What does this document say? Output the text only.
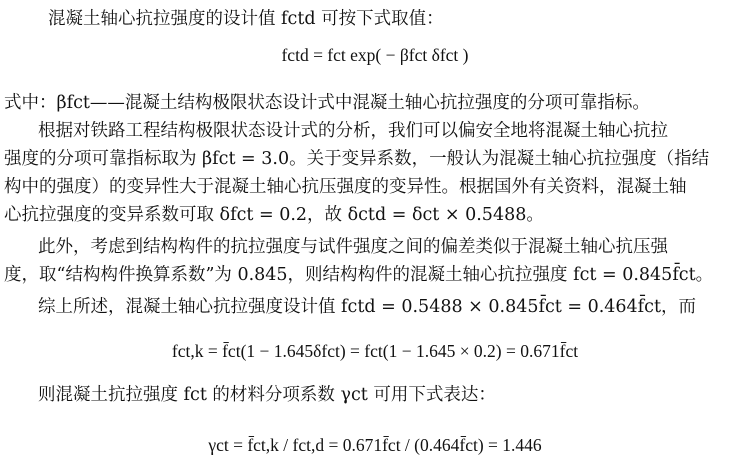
混凝土轴心抗拉强度的设计值 fctd 可按下式取值：
fctd = fct exp( − βfct δfct )
式中：βfct——混凝土结构极限状态设计式中混凝土轴心抗拉强度的分项可靠指标。
根据对铁路工程结构极限状态设计式的分析，我们可以偏安全地将混凝土轴心抗拉
强度的分项可靠指标取为 βfct = 3.0。关于变异系数，一般认为混凝土轴心抗拉强度（指结
构中的强度）的变异性大于混凝土轴心抗压强度的变异性。根据国外有关资料，混凝土轴
心抗拉强度的变异系数可取 δfct = 0.2，故 δctd = δct × 0.5488。
此外，考虑到结构构件的抗拉强度与试件强度之间的偏差类似于混凝土轴心抗压强
度，取“结构构件换算系数”为 0.845，则结构构件的混凝土轴心抗拉强度 fct = 0.845f̄ct。
综上所述，混凝土轴心抗拉强度设计值 fctd = 0.5488 × 0.845f̄ct = 0.464f̄ct，而
fct,k = f̄ct(1 − 1.645δfct) = fct(1 − 1.645 × 0.2) = 0.671f̄ct
则混凝土抗拉强度 fct 的材料分项系数 γct 可用下式表达：
γct = f̄ct,k / fct,d = 0.671f̄ct / (0.464f̄ct) = 1.446
